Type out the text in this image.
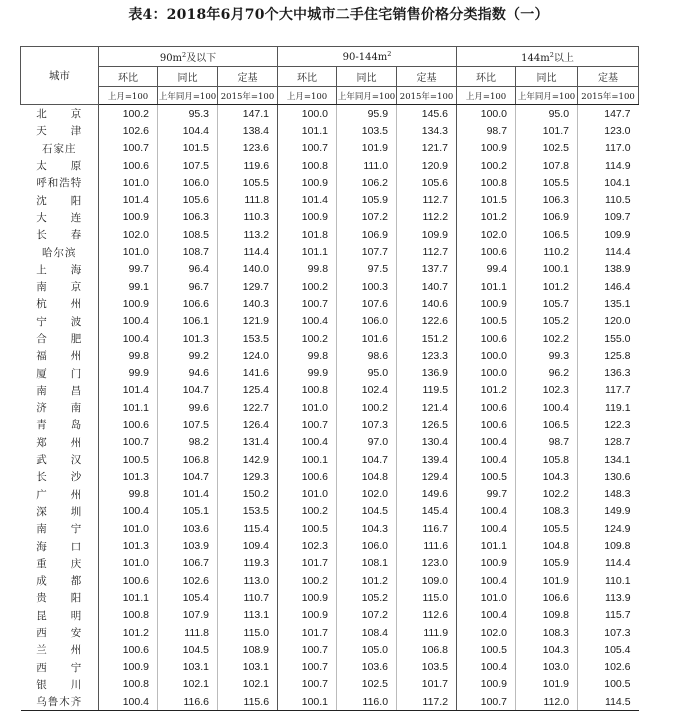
表4：2018年6月70个大中城市二手住宅销售价格分类指数（一）
城市	$90m^2$及以下			$90-144m^2$			$144m^2$以上		
	环比	同比	定基	环比	同比	定基	环比	同比	定基
	上月=100	上年同月=100	2015年=100	上月=100	上年同月=100	2015年=100	上月=100	上年同月=100	2015年=100
北　　京	100.2	95.3	147.1	100.0	95.9	145.6	100.0	95.0	147.7
天　　津	102.6	104.4	138.4	101.1	103.5	134.3	98.7	101.7	123.0
石家庄	100.7	101.5	123.6	100.7	101.9	121.7	100.9	102.5	117.0
太　　原	100.6	107.5	119.6	100.8	111.0	120.9	100.2	107.8	114.9
呼和浩特	101.0	106.0	105.5	100.9	106.2	105.6	100.8	105.5	104.1
沈　　阳	101.4	105.6	111.8	101.4	105.9	112.7	101.5	106.3	110.5
大　　连	100.9	106.3	110.3	100.9	107.2	112.2	101.2	106.9	109.7
长　　春	102.0	108.5	113.2	101.8	106.9	109.9	102.0	106.5	109.9
哈尔滨	101.0	108.7	114.4	101.1	107.7	112.7	100.6	110.2	114.4
上　　海	99.7	96.4	140.0	99.8	97.5	137.7	99.4	100.1	138.9
南　　京	99.1	96.7	129.7	100.2	100.3	140.7	101.1	101.2	146.4
杭　　州	100.9	106.6	140.3	100.7	107.6	140.6	100.9	105.7	135.1
宁　　波	100.4	106.1	121.9	100.4	106.0	122.6	100.5	105.2	120.0
合　　肥	100.4	101.3	153.5	100.2	101.6	151.2	100.6	102.2	155.0
福　　州	99.8	99.2	124.0	99.8	98.6	123.3	100.0	99.3	125.8
厦　　门	99.9	94.6	141.6	99.9	95.0	136.9	100.0	96.2	136.3
南　　昌	101.4	104.7	125.4	100.8	102.4	119.5	101.2	102.3	117.7
济　　南	101.1	99.6	122.7	101.0	100.2	121.4	100.6	100.4	119.1
青　　岛	100.6	107.5	126.4	100.7	107.3	126.5	100.6	106.5	122.3
郑　　州	100.7	98.2	131.4	100.4	97.0	130.4	100.4	98.7	128.7
武　　汉	100.5	106.8	142.9	100.1	104.7	139.4	100.4	105.8	134.1
长　　沙	101.3	104.7	129.3	100.6	104.8	129.4	100.5	104.3	130.6
广　　州	99.8	101.4	150.2	101.0	102.0	149.6	99.7	102.2	148.3
深　　圳	100.4	105.1	153.5	100.2	104.5	145.4	100.4	108.3	149.9
南　　宁	101.0	103.6	115.4	100.5	104.3	116.7	100.4	105.5	124.9
海　　口	101.3	103.9	109.4	102.3	106.0	111.6	101.1	104.8	109.8
重　　庆	101.0	106.7	119.3	101.7	108.1	123.0	100.9	105.9	114.4
成　　都	100.6	102.6	113.0	100.2	101.2	109.0	100.4	101.9	110.1
贵　　阳	101.1	105.4	110.7	100.9	105.2	115.0	101.0	106.6	113.9
昆　　明	100.8	107.9	113.1	100.9	107.2	112.6	100.4	109.8	115.7
西　　安	101.2	111.8	115.0	101.7	108.4	111.9	102.0	108.3	107.3
兰　　州	100.6	104.5	108.9	100.7	105.0	106.8	100.5	104.3	105.4
西　　宁	100.9	103.1	103.1	100.7	103.6	103.5	100.4	103.0	102.6
银　　川	100.8	102.1	102.1	100.7	102.5	101.7	100.9	101.9	100.5
乌鲁木齐	100.4	116.6	115.6	100.1	116.0	117.2	100.7	112.0	114.5
